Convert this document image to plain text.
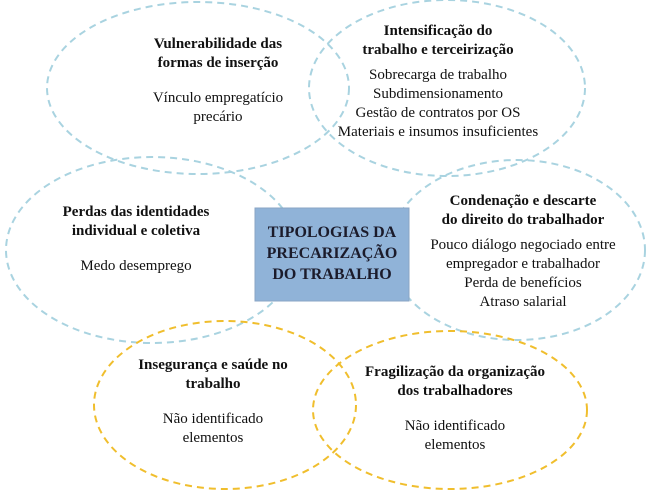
TIPOLOGIAS DA
PRECARIZAÇÃO
DO TRABALHO
Vulnerabilidade das
formas de inserção
Vínculo empregatício
precário
Intensificação do
trabalho e terceirização
Sobrecarga de trabalho
Subdimensionamento
Gestão de contratos por OS
Materiais e insumos insuficientes
Perdas das identidades
individual e coletiva
Medo desemprego
Condenação e descarte
do direito do trabalhador
Pouco diálogo negociado entre
empregador e trabalhador
Perda de benefícios
Atraso salarial
Insegurança e saúde no
trabalho
Não identificado
elementos
Fragilização da organização
dos trabalhadores
Não identificado
elementos
